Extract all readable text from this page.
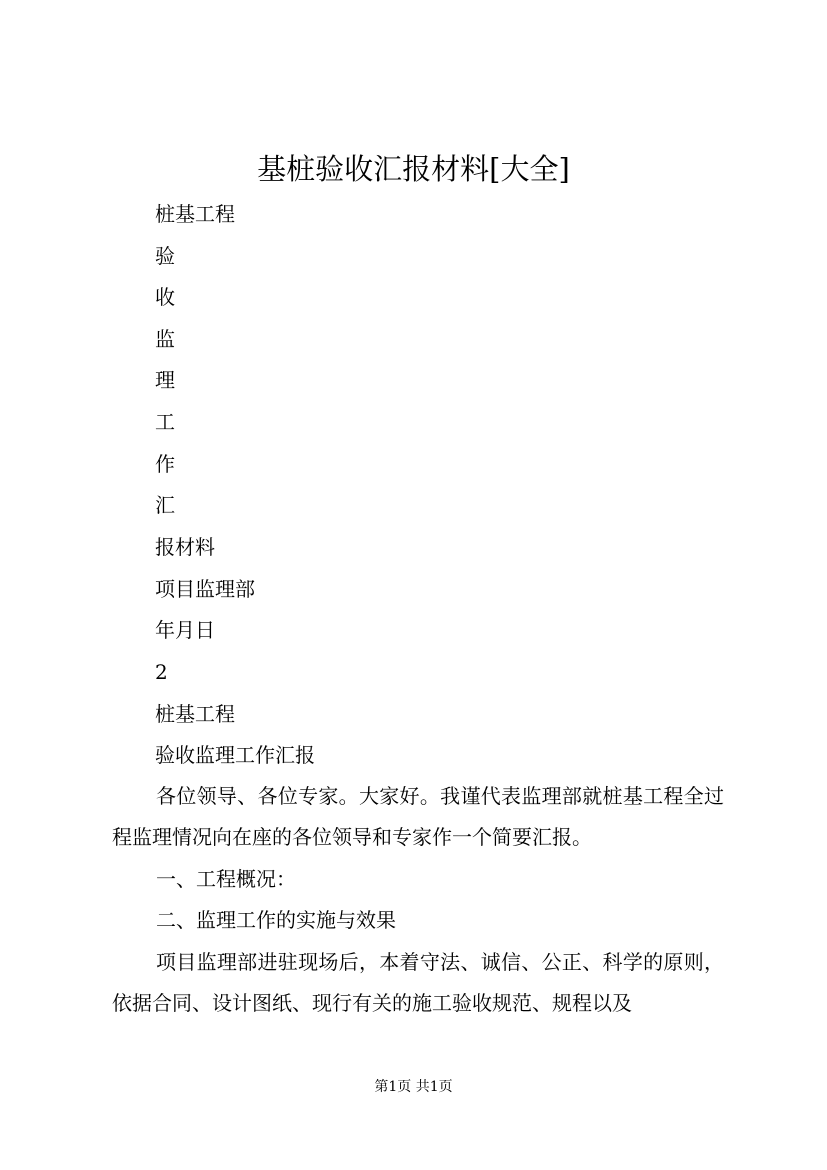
基桩验收汇报材料[大全]
桩基工程
验
收
监
理
工
作
汇
报材料
项目监理部
年月日
2
桩基工程
验收监理工作汇报

各位领导、各位专家。大家好。我谨代表监理部就桩基工程全过程监理情况向在座的各位领导和专家作一个简要汇报。

一、工程概况：

二、监理工作的实施与效果

项目监理部进驻现场后，本着守法、诚信、公正、科学的原则，依据合同、设计图纸、现行有关的施工验收规范、规程以及

第1页 共1页
